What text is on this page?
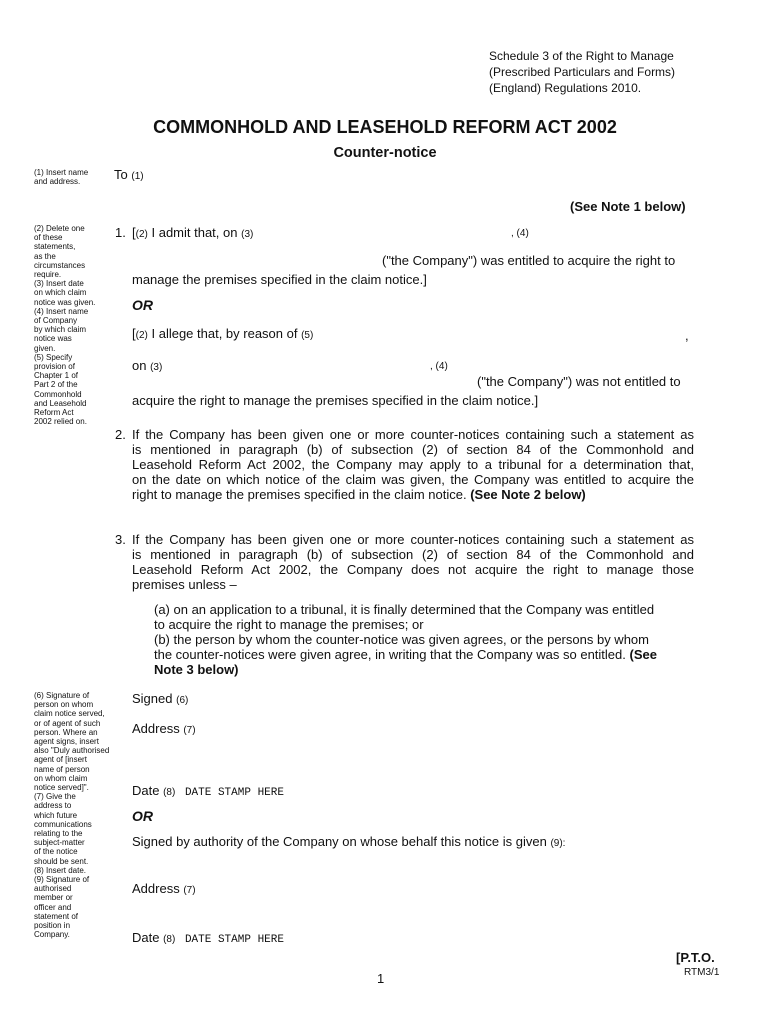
Schedule 3 of the Right to Manage
(Prescribed Particulars and Forms)
(England) Regulations 2010.
COMMONHOLD AND LEASEHOLD REFORM ACT 2002
Counter-notice
(1) Insert name
and address.	To (1)
(See Note 1 below)
(2) Delete one
of these
statements,
as the
circumstances
require.
(3) Insert date
on which claim
notice was given.
(4) Insert name
of Company
by which claim
notice was
given.
(5) Specify
provision of
Chapter 1 of
Part 2 of the
Commonhold
and Leasehold
Reform Act
2002 relied on.
1. [(2) I admit that, on (3)	, (4)
("the Company") was entitled to acquire the right to
manage the premises specified in the claim notice.]
OR
[(2) I allege that, by reason of (5)	,
on (3)	, (4)
("the Company") was not entitled to
acquire the right to manage the premises specified in the claim notice.]
2. If the Company has been given one or more counter-notices containing such a statement as
is mentioned in paragraph (b) of subsection (2) of section 84 of the Commonhold and
Leasehold Reform Act 2002, the Company may apply to a tribunal for a determination that,
on the date on which notice of the claim was given, the Company was entitled to acquire the
right to manage the premises specified in the claim notice. (See Note 2 below)
3. If the Company has been given one or more counter-notices containing such a statement as
is mentioned in paragraph (b) of subsection (2) of section 84 of the Commonhold and
Leasehold Reform Act 2002, the Company does not acquire the right to manage those
premises unless –
(a) on an application to a tribunal, it is finally determined that the Company was entitled
to acquire the right to manage the premises; or
(b) the person by whom the counter-notice was given agrees, or the persons by whom
the counter-notices were given agree, in writing that the Company was so entitled. (See
Note 3 below)
(6) Signature of
person on whom
claim notice served,
or of agent of such
person. Where an
agent signs, insert
also "Duly authorised
agent of [insert
name of person
on whom claim
notice served]".
(7) Give the
address to
which future
communications
relating to the
subject-matter
of the notice
should be sent.
(8) Insert date.
(9) Signature of
authorised
member or
officer and
statement of
position in
Company.
Signed (6)
Address (7)
Date (8) DATE STAMP HERE
OR
Signed by authority of the Company on whose behalf this notice is given (9):
Address (7)
Date (8) DATE STAMP HERE
[P.T.O.
RTM3/1
1
